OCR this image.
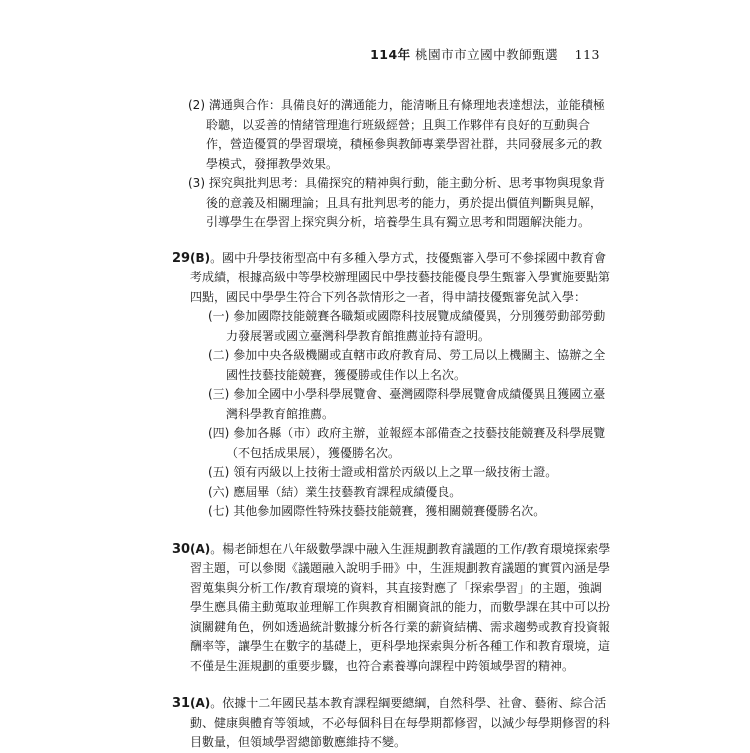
114年 桃園市市立國中教師甄選 113

(2) 溝通與合作：具備良好的溝通能力，能清晰且有條理地表達想法，並能積極聆聽，以妥善的情緒管理進行班級經營；且與工作夥伴有良好的互動與合作，營造優質的學習環境，積極參與教師專業學習社群，共同發展多元的教學模式，發揮教學效果。

(3) 探究與批判思考：具備探究的精神與行動，能主動分析、思考事物與現象背後的意義及相關理論；且具有批判思考的能力，勇於提出價值判斷與見解，引導學生在學習上探究與分析，培養學生具有獨立思考和問題解決能力。

29 (B)。國中升學技術型高中有多種入學方式，技優甄審入學可不參採國中教育會考成績，根據高級中等學校辦理國民中學技藝技能優良學生甄審入學實施要點第四點，國民中學學生符合下列各款情形之一者，得申請技優甄審免試入學：

(一) 參加國際技能競賽各職類或國際科技展覽成績優異，分別獲勞動部勞動力發展署或國立臺灣科學教育館推薦並持有證明。

(二) 參加中央各級機關或直轄市政府教育局、勞工局以上機關主、協辦之全國性技藝技能競賽，獲優勝或佳作以上名次。

(三) 參加全國中小學科學展覽會、臺灣國際科學展覽會成績優異且獲國立臺灣科學教育館推薦。

(四) 參加各縣（市）政府主辦，並報經本部備查之技藝技能競賽及科學展覽（不包括成果展），獲優勝名次。

(五) 領有丙級以上技術士證或相當於丙級以上之單一級技術士證。

(六) 應屆畢（結）業生技藝教育課程成績優良。

(七) 其他參加國際性特殊技藝技能競賽，獲相關競賽優勝名次。

30 (A)。楊老師想在八年級數學課中融入生涯規劃教育議題的工作/教育環境探索學習主題，可以參閱《議題融入說明手冊》中，生涯規劃教育議題的實質內涵是學習蒐集與分析工作/教育環境的資料，其直接對應了「探索學習」的主題，強調學生應具備主動蒐取並理解工作與教育相關資訊的能力，而數學課在其中可以扮演關鍵角色，例如透過統計數據分析各行業的薪資結構、需求趨勢或教育投資報酬率等，讓學生在數字的基礎上，更科學地探索與分析各種工作和教育環境，這不僅是生涯規劃的重要步驟，也符合素養導向課程中跨領域學習的精神。

31 (A)。依據十二年國民基本教育課程綱要總綱，自然科學、社會、藝術、綜合活動、健康與體育等領域，不必每個科目在每學期都修習，以減少每學期修習的科目數量，但領域學習總節數應維持不變。
